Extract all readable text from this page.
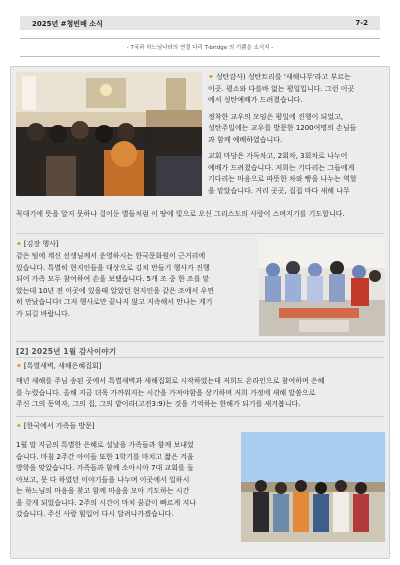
2025년 #청빈배 소식	7-2
- T국과 하느님나라의 연결 다리 T-bridge 의 기쁨을 소식지 -

✦ 성탄감사) 성탄트리를 '새해나무'라고 부르는

이곳. 평소와 다를바 없는 평일입니다. 그런 이곳

에서 성탄예배가 드려졌습니다.

정착한 교우의 모임은 평일에 진행이 되었고,

성탄주일에는 교우를 방문한 1200여명의 손님들

과 함께 예배하였습니다.

교회 마당은 가득차고, 2회차, 3회차로 나누어

예배가 드려졌습니다. 저희는 기다리는 그들에게

기다리는 마음으로 따뜻한 차와 빵을 나누는 역할

을 맡았습니다. 거리 곳곳, 집집 마다 새해 나무

꼭대기에 뜻을 알지 못하나 걸어둔 별들처럼 이 땅에 빛으로 오신 그리스도의 사랑이 스며지기를 기도합니다.
✦ [김장 행사]

같은 팀에 계신 선생님께서 운영하시는 한국문화원이 근거리에

있습니다. 특별히 현지인들을 대상으로 김치 만들기 행사가 진행

되어 가족 모두 참여하여 손을 보탰습니다. 5개 조 중 한 조를 맡

았는데 10년 전 이곳에 있을때 알았던 현지인을 같은 조에서 우연

히 만났습니다! 그저 행사로만 끝나지 않고 지속해서 만나는 계기

가 되길 바랍니다.

[2] 2025년 1월 감사이야기
✦ [특별새벽, 새해은혜집회]

매년 새해를 주님 송된 곳에서 특별새벽과 새해집회로 시작하였는데 저희도 온라인으로 참여하며 은혜

를 누렸습니다. 올해 지금 더욱 가까워지는 시간을 가져야함을 상기하며 저희 가정에 새해 말씀으로

주신 그의 동역자, 그의 집, 그의 밭이라(고전3:9)는 것을 기억하는 한해가 되기를 새겨봅니다.

✦ [한국에서 가족들 방문]

1월 말 지금의 특별한 은혜로 설날을 가족들과 함께 보내었

습니다. 마침 2주간 아이들 또한 1학기를 마치고 짧은 겨울

방학을 맞았습니다. 가족들과 함께 소아시아 7대 교회를 돌

아보고, 못 다 하였던 이야기들을 나누며 이곳에서 일하시

는 하느님의 마음을 찾고 함께 마음을 모아 기도하는 시간

을 갖게 되었습니다. 2주의 시간이 마치 꿈같이 빠르게 지나

갔습니다. 주신 사랑 힘입어 다시 달려나가겠습니다.
